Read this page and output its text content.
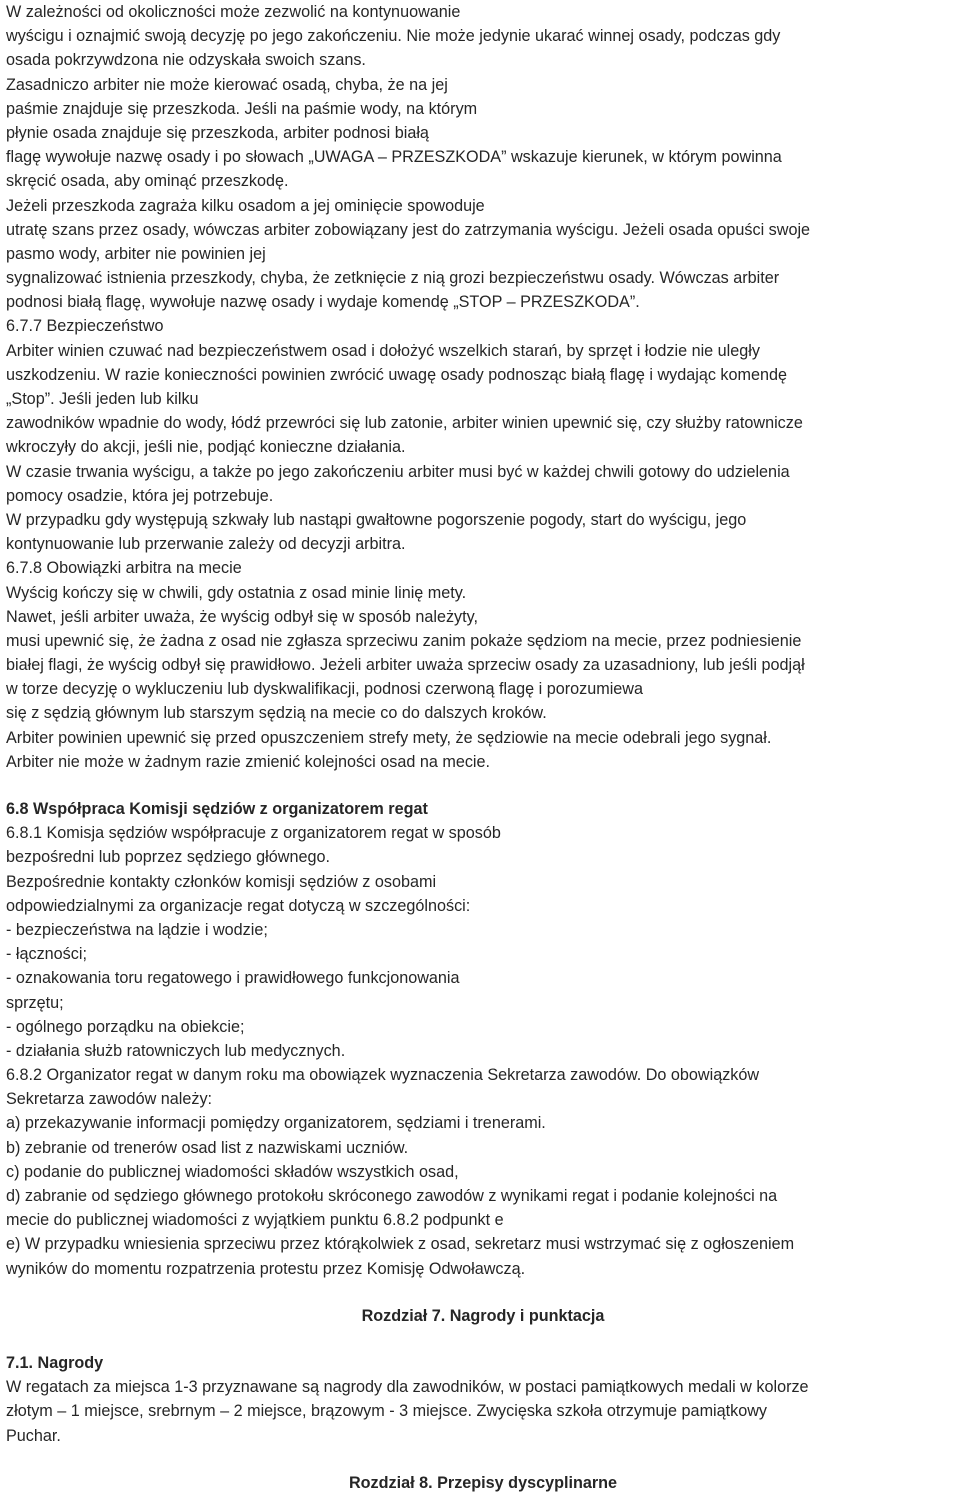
W zależności od okoliczności może zezwolić na kontynuowanie

wyścigu i oznajmić swoją decyzję po jego zakończeniu. Nie może jedynie ukarać winnej osady, podczas gdy

osada pokrzywdzona nie odzyskała swoich szans.

Zasadniczo arbiter nie może kierować osadą, chyba, że na jej

paśmie znajduje się przeszkoda. Jeśli na paśmie wody, na którym

płynie osada znajduje się przeszkoda, arbiter podnosi białą

flagę wywołuje nazwę osady i po słowach „UWAGA – PRZESZKODA” wskazuje kierunek, w którym powinna

skręcić osada, aby ominąć przeszkodę.

Jeżeli przeszkoda zagraża kilku osadom a jej ominięcie spowoduje

utratę szans przez osady, wówczas arbiter zobowiązany jest do zatrzymania wyścigu. Jeżeli osada opuści swoje

pasmo wody, arbiter nie powinien jej

sygnalizować istnienia przeszkody, chyba, że zetknięcie z nią grozi bezpieczeństwu osady. Wówczas arbiter

podnosi białą flagę, wywołuje nazwę osady i wydaje komendę „STOP – PRZESZKODA”.

6.7.7 Bezpieczeństwo

Arbiter winien czuwać nad bezpieczeństwem osad i dołożyć wszelkich starań, by sprzęt i łodzie nie uległy

uszkodzeniu. W razie konieczności powinien zwrócić uwagę osady podnosząc białą flagę i wydając komendę

„Stop”. Jeśli jeden lub kilku

zawodników wpadnie do wody, łódź przewróci się lub zatonie, arbiter winien upewnić się, czy służby ratownicze

wkroczyły do akcji, jeśli nie, podjąć konieczne działania.

W czasie trwania wyścigu, a także po jego zakończeniu arbiter musi być w każdej chwili gotowy do udzielenia

pomocy osadzie, która jej potrzebuje.

W przypadku gdy występują szkwały lub nastąpi gwałtowne pogorszenie pogody, start do wyścigu, jego

kontynuowanie lub przerwanie zależy od decyzji arbitra.

6.7.8 Obowiązki arbitra na mecie

Wyścig kończy się w chwili, gdy ostatnia z osad minie linię mety.

Nawet, jeśli arbiter uważa, że wyścig odbył się w sposób należyty,

musi upewnić się, że żadna z osad nie zgłasza sprzeciwu zanim pokaże sędziom na mecie, przez podniesienie

białej flagi, że wyścig odbył się prawidłowo. Jeżeli arbiter uważa sprzeciw osady za uzasadniony, lub jeśli podjął

w torze decyzję o wykluczeniu lub dyskwalifikacji, podnosi czerwoną flagę i porozumiewa

się z sędzią głównym lub starszym sędzią na mecie co do dalszych kroków.

Arbiter powinien upewnić się przed opuszczeniem strefy mety, że sędziowie na mecie odebrali jego sygnał.

Arbiter nie może w żadnym razie zmienić kolejności osad na mecie.

6.8 Współpraca Komisji sędziów z organizatorem regat

6.8.1 Komisja sędziów współpracuje z organizatorem regat w sposób

bezpośredni lub poprzez sędziego głównego.

Bezpośrednie kontakty członków komisji sędziów z osobami

odpowiedzialnymi za organizacje regat dotyczą w szczególności:

- bezpieczeństwa na lądzie i wodzie;

- łączności;

- oznakowania toru regatowego i prawidłowego funkcjonowania

sprzętu;

- ogólnego porządku na obiekcie;

- działania służb ratowniczych lub medycznych.

6.8.2 Organizator regat w danym roku ma obowiązek wyznaczenia Sekretarza zawodów. Do obowiązków

Sekretarza zawodów należy:

a) przekazywanie informacji pomiędzy organizatorem, sędziami i trenerami.

b) zebranie od trenerów osad list z nazwiskami uczniów.

c) podanie do publicznej wiadomości składów wszystkich osad,

d) zabranie od sędziego głównego protokołu skróconego zawodów z wynikami regat i podanie kolejności na

mecie do publicznej wiadomości z wyjątkiem punktu 6.8.2 podpunkt e

e) W przypadku wniesienia sprzeciwu przez którąkolwiek z osad, sekretarz musi wstrzymać się z ogłoszeniem

wyników do momentu rozpatrzenia protestu przez Komisję Odwoławczą.

Rozdział 7. Nagrody i punktacja

7.1. Nagrody

W regatach za miejsca 1-3 przyznawane są nagrody dla zawodników, w postaci pamiątkowych medali w kolorze

złotym – 1 miejsce, srebrnym – 2 miejsce, brązowym - 3 miejsce. Zwycięska szkoła otrzymuje pamiątkowy

Puchar.

Rozdział 8. Przepisy dyscyplinarne
